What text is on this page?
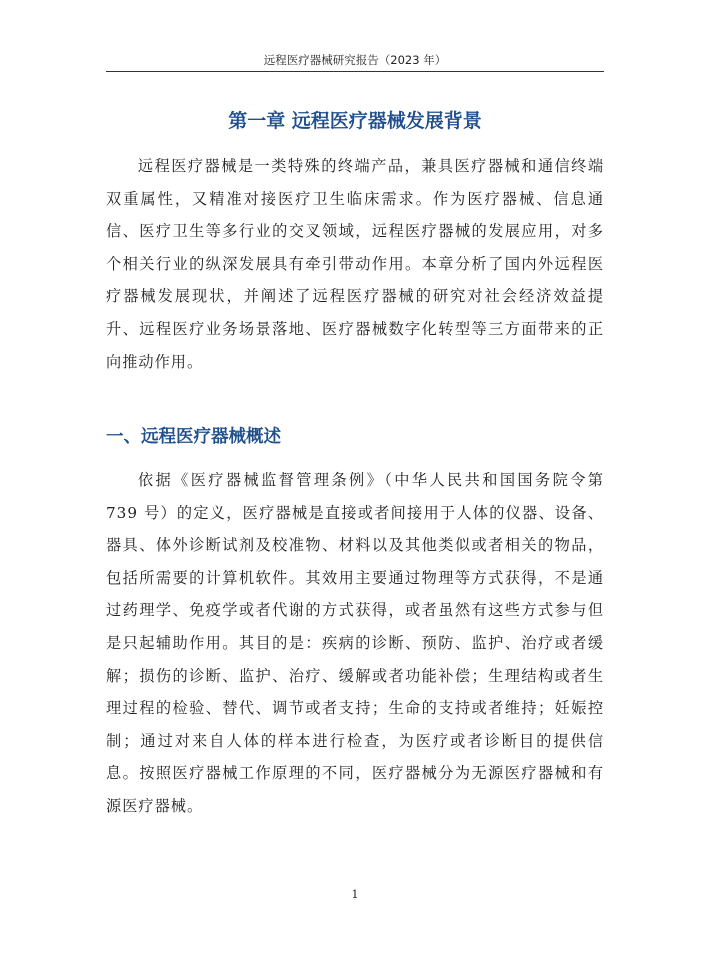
远程医疗器械研究报告（2023 年）
第一章 远程医疗器械发展背景

远程医疗器械是一类特殊的终端产品，兼具医疗器械和通信终端双重属性，又精准对接医疗卫生临床需求。作为医疗器械、信息通信、医疗卫生等多行业的交叉领域，远程医疗器械的发展应用，对多个相关行业的纵深发展具有牵引带动作用。本章分析了国内外远程医疗器械发展现状，并阐述了远程医疗器械的研究对社会经济效益提升、远程医疗业务场景落地、医疗器械数字化转型等三方面带来的正向推动作用。

一、远程医疗器械概述

依据《医疗器械监督管理条例》（中华人民共和国国务院令第 739 号）的定义，医疗器械是直接或者间接用于人体的仪器、设备、器具、体外诊断试剂及校准物、材料以及其他类似或者相关的物品，包括所需要的计算机软件。其效用主要通过物理等方式获得，不是通过药理学、免疫学或者代谢的方式获得，或者虽然有这些方式参与但是只起辅助作用。其目的是：疾病的诊断、预防、监护、治疗或者缓解；损伤的诊断、监护、治疗、缓解或者功能补偿；生理结构或者生理过程的检验、替代、调节或者支持；生命的支持或者维持；妊娠控制；通过对来自人体的样本进行检查，为医疗或者诊断目的提供信息。按照医疗器械工作原理的不同，医疗器械分为无源医疗器械和有源医疗器械。

1
